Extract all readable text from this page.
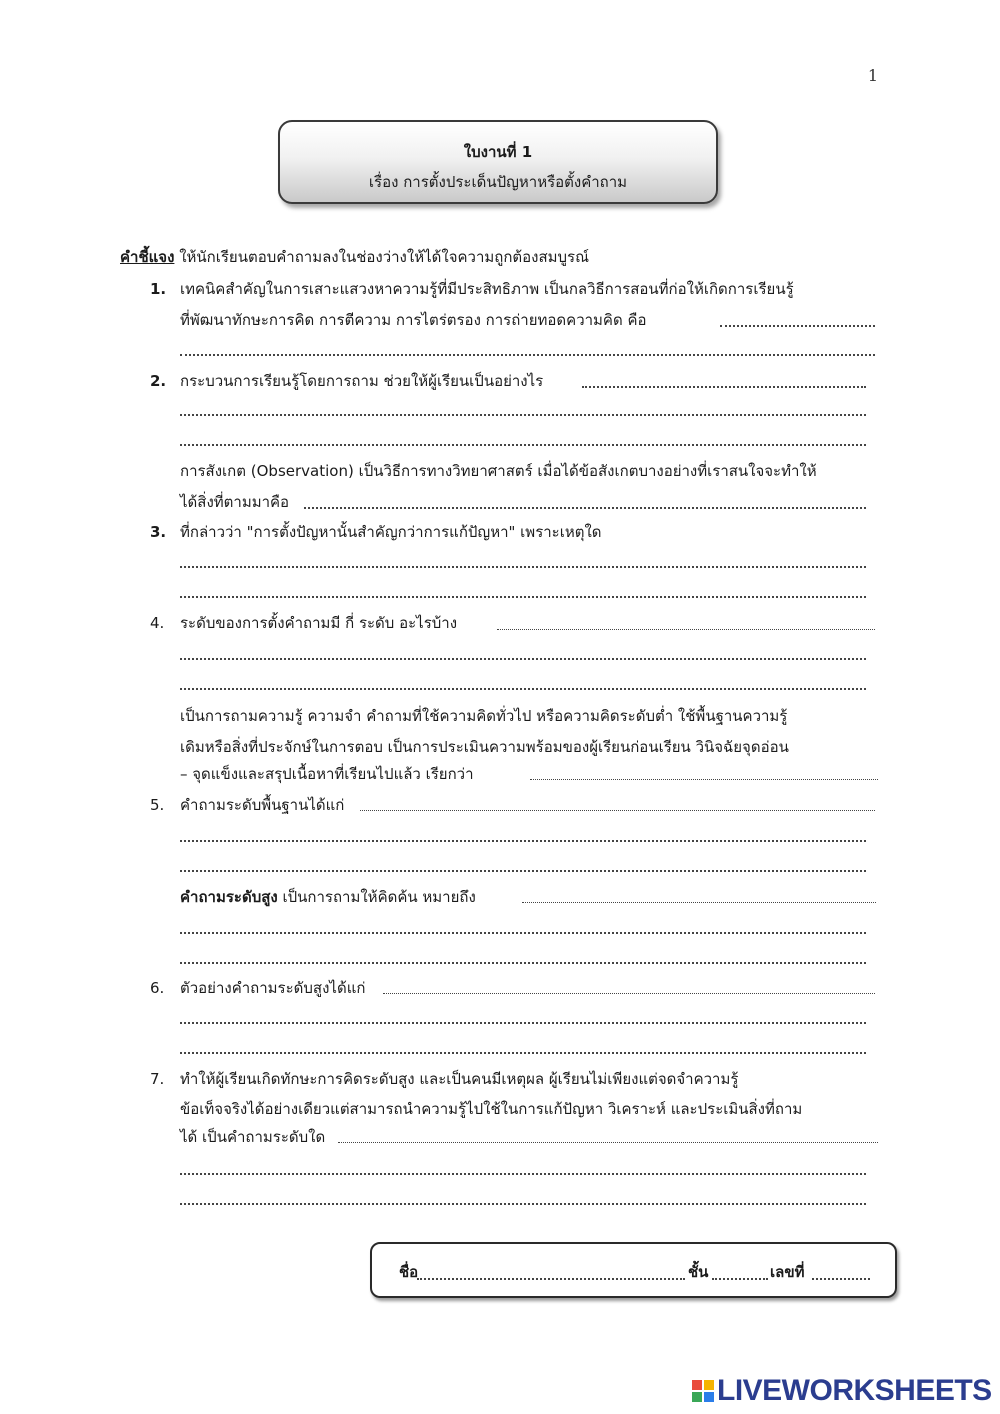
1
ใบงานที่ 1
เรื่อง การตั้งประเด็นปัญหาหรือตั้งคำถาม
คำชี้แจง ให้นักเรียนตอบคำถามลงในช่องว่างให้ได้ใจความถูกต้องสมบูรณ์
1. เทคนิคสำคัญในการเสาะแสวงหาความรู้ที่มีประสิทธิภาพ เป็นกลวิธีการสอนที่ก่อให้เกิดการเรียนรู้
ที่พัฒนาทักษะการคิด การตีความ การไตร่ตรอง การถ่ายทอดความคิด คือ
2. กระบวนการเรียนรู้โดยการถาม ช่วยให้ผู้เรียนเป็นอย่างไร
การสังเกต (Observation) เป็นวิธีการทางวิทยาศาสตร์ เมื่อได้ข้อสังเกตบางอย่างที่เราสนใจจะทำให้
ได้สิ่งที่ตามมาคือ
3. ที่กล่าวว่า "การตั้งปัญหานั้นสำคัญกว่าการแก้ปัญหา" เพราะเหตุใด
4. ระดับของการตั้งคำถามมี กี่ ระดับ อะไรบ้าง
เป็นการถามความรู้ ความจำ คำถามที่ใช้ความคิดทั่วไป หรือความคิดระดับต่ำ ใช้พื้นฐานความรู้
เดิมหรือสิ่งที่ประจักษ์ในการตอบ เป็นการประเมินความพร้อมของผู้เรียนก่อนเรียน วินิจฉัยจุดอ่อน
– จุดแข็งและสรุปเนื้อหาที่เรียนไปแล้ว เรียกว่า
5. คำถามระดับพื้นฐานได้แก่
คำถามระดับสูง เป็นการถามให้คิดค้น หมายถึง
6. ตัวอย่างคำถามระดับสูงได้แก่
7. ทำให้ผู้เรียนเกิดทักษะการคิดระดับสูง และเป็นคนมีเหตุผล ผู้เรียนไม่เพียงแต่จดจำความรู้
ข้อเท็จจริงได้อย่างเดียวแต่สามารถนำความรู้ไปใช้ในการแก้ปัญหา วิเคราะห์ และประเมินสิ่งที่ถาม
ได้ เป็นคำถามระดับใด
ชื่อ	ชั้น	เลขที่
LIVEWORKSHEETS
